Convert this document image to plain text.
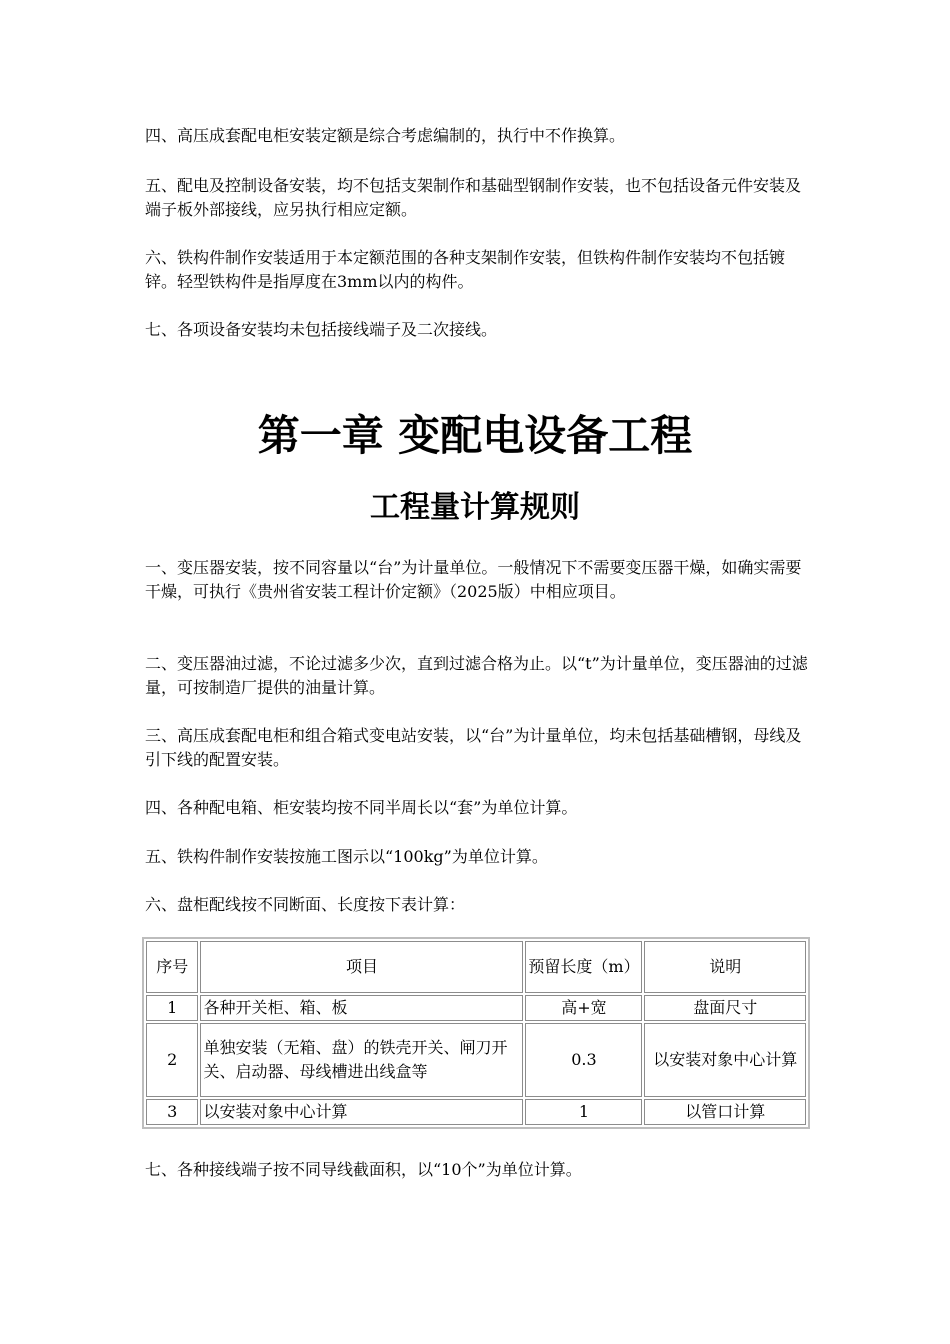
四、高压成套配电柜安装定额是综合考虑编制的，执行中不作换算。

五、配电及控制设备安装，均不包括支架制作和基础型钢制作安装，也不包括设备元件安装及端子板外部接线，应另执行相应定额。

六、铁构件制作安装适用于本定额范围的各种支架制作安装，但铁构件制作安装均不包括镀锌。轻型铁构件是指厚度在3mm以内的构件。

七、各项设备安装均未包括接线端子及二次接线。

第一章 变配电设备工程
工程量计算规则

一、变压器安装，按不同容量以“台”为计量单位。一般情况下不需要变压器干燥，如确实需要干燥，可执行《贵州省安装工程计价定额》（2025版）中相应项目。

二、变压器油过滤，不论过滤多少次，直到过滤合格为止。以“t”为计量单位，变压器油的过滤量，可按制造厂提供的油量计算。

三、高压成套配电柜和组合箱式变电站安装，以“台”为计量单位，均未包括基础槽钢，母线及引下线的配置安装。

四、各种配电箱、柜安装均按不同半周长以“套”为单位计算。

五、铁构件制作安装按施工图示以“100kg”为单位计算。

六、盘柜配线按不同断面、长度按下表计算：

序号	项目	预留长度（m）	说明
1	各种开关柜、箱、板	高+宽	盘面尺寸
2	单独安装（无箱、盘）的铁壳开关、闸刀开关、启动器、母线槽进出线盒等	0.3	以安装对象中心计算
3	以安装对象中心计算	1	以管口计算

七、各种接线端子按不同导线截面积，以“10个”为单位计算。
